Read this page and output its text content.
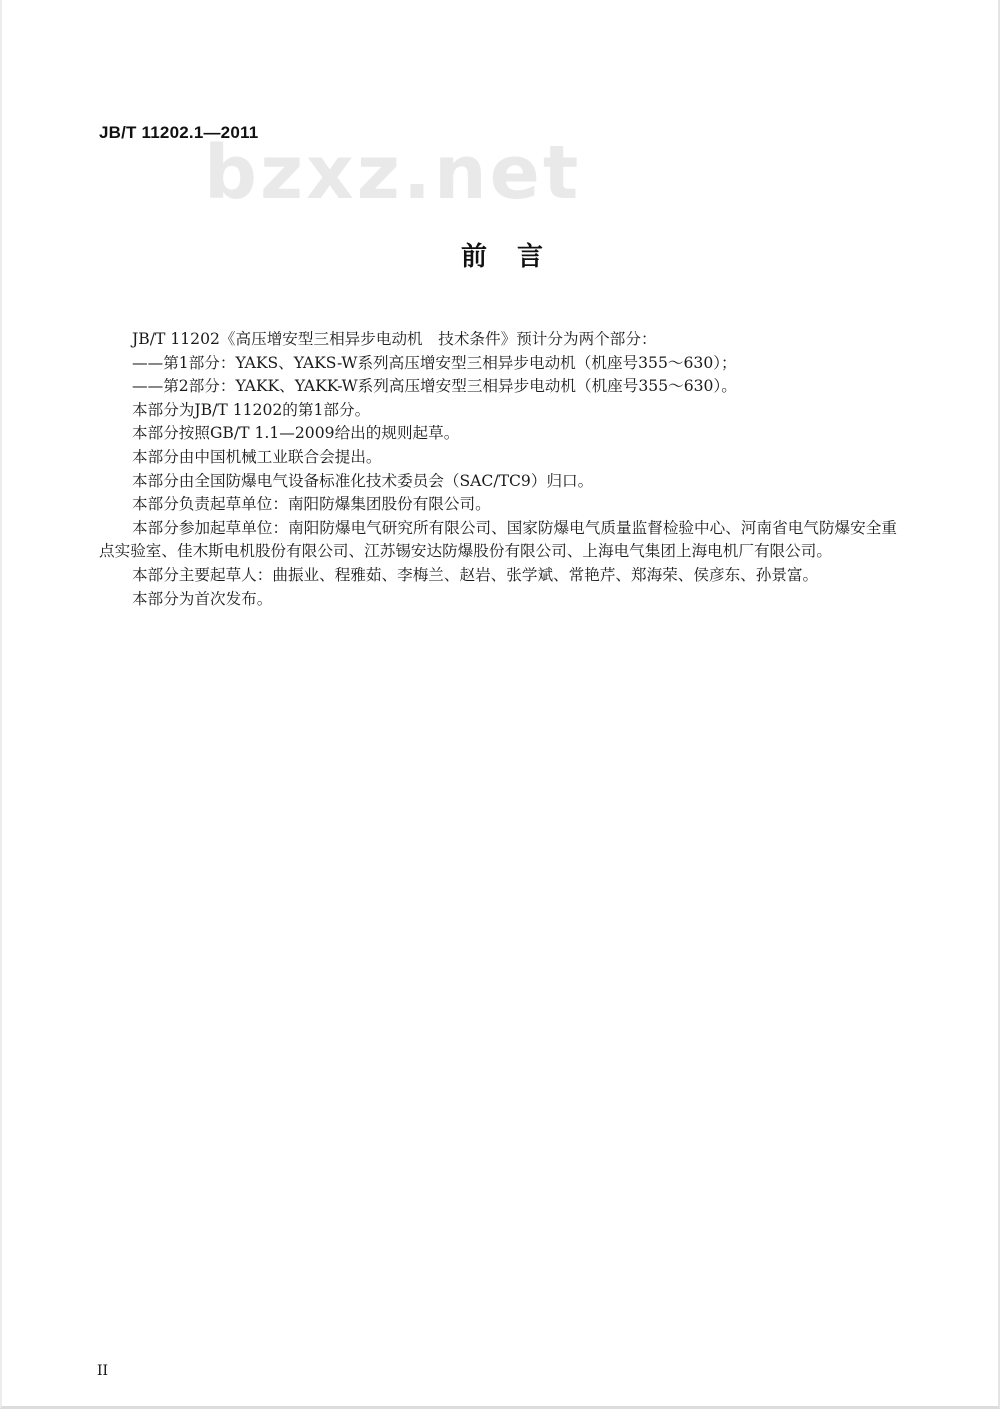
JB/T 11202.1—2011
bzxz.net
前言

JB/T 11202《高压增安型三相异步电动机　技术条件》预计分为两个部分：

——第1部分：YAKS、YAKS-W系列高压增安型三相异步电动机（机座号355～630）；

——第2部分：YAKK、YAKK-W系列高压增安型三相异步电动机（机座号355～630）。

本部分为JB/T 11202的第1部分。

本部分按照GB/T 1.1—2009给出的规则起草。

本部分由中国机械工业联合会提出。

本部分由全国防爆电气设备标准化技术委员会（SAC/TC9）归口。

本部分负责起草单位：南阳防爆集团股份有限公司。

本部分参加起草单位：南阳防爆电气研究所有限公司、国家防爆电气质量监督检验中心、河南省电气防爆安全重点实验室、佳木斯电机股份有限公司、江苏锡安达防爆股份有限公司、上海电气集团上海电机厂有限公司。

本部分主要起草人：曲振业、程雅茹、李梅兰、赵岩、张学斌、常艳芹、郑海荣、侯彦东、孙景富。

本部分为首次发布。

II
